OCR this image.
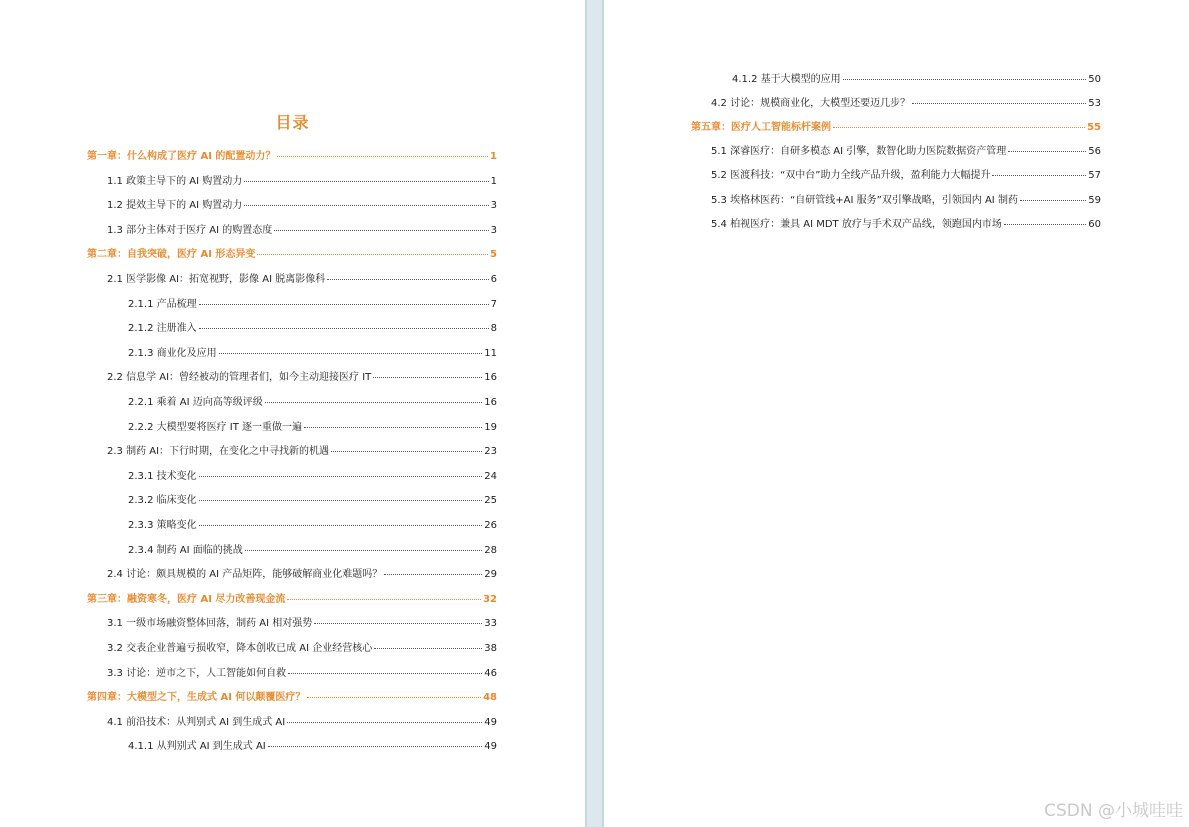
目录
第一章：什么构成了医疗 AI 的配置动力？	1
1.1 政策主导下的 AI 购置动力	1
1.2 提效主导下的 AI 购置动力	3
1.3 部分主体对于医疗 AI 的购置态度	3
第二章：自我突破，医疗 AI 形态异变	5
2.1 医学影像 AI：拓宽视野，影像 AI 脱离影像科	6
2.1.1 产品梳理	7
2.1.2 注册准入	8
2.1.3 商业化及应用	11
2.2 信息学 AI：曾经被动的管理者们，如今主动迎接医疗 IT	16
2.2.1 乘着 AI 迈向高等级评级	16
2.2.2 大模型要将医疗 IT 逐一重做一遍	19
2.3 制药 AI：下行时期，在变化之中寻找新的机遇	23
2.3.1 技术变化	24
2.3.2 临床变化	25
2.3.3 策略变化	26
2.3.4 制药 AI 面临的挑战	28
2.4 讨论：颇具规模的 AI 产品矩阵，能够破解商业化难题吗？	29
第三章：融资寒冬，医疗 AI 尽力改善现金流	32
3.1 一级市场融资整体回落，制药 AI 相对强势	33
3.2 交表企业普遍亏损收窄，降本创收已成 AI 企业经营核心	38
3.3 讨论：逆市之下，人工智能如何自救	46
第四章：大模型之下，生成式 AI 何以颠覆医疗？	48
4.1 前沿技术：从判别式 AI 到生成式 AI	49
4.1.1 从判别式 AI 到生成式 AI	49
4.1.2 基于大模型的应用	50
4.2 讨论：规模商业化，大模型还要迈几步？	53
第五章：医疗人工智能标杆案例	55
5.1 深睿医疗：自研多模态 AI 引擎，数智化助力医院数据资产管理	56
5.2 医渡科技：“双中台”助力全线产品升级，盈利能力大幅提升	57
5.3 埃格林医药：“自研管线+AI 服务”双引擎战略，引领国内 AI 制药	59
5.4 柏视医疗：兼具 AI MDT 放疗与手术双产品线，领跑国内市场	60
CSDN @小城哇哇
